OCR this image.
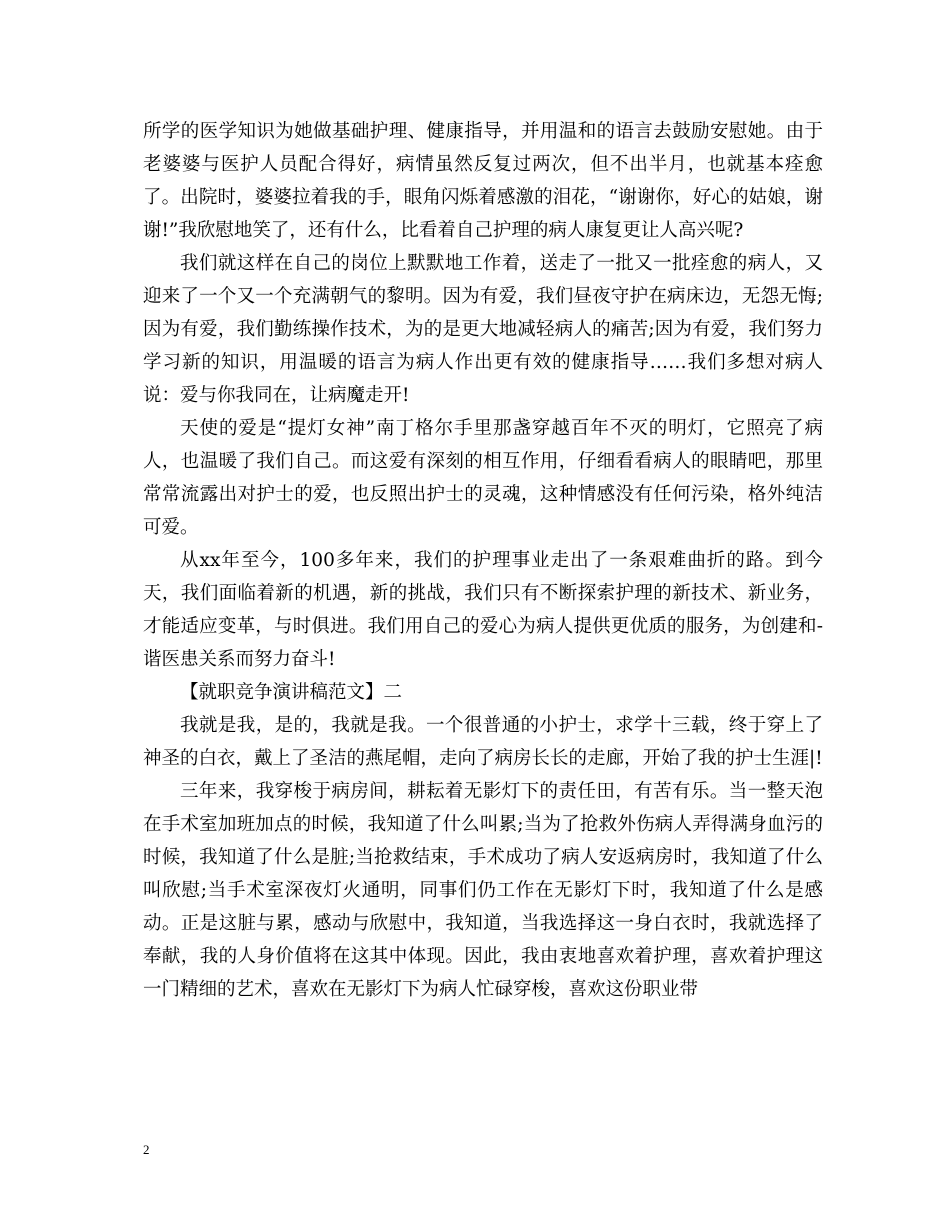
所学的医学知识为她做基础护理、健康指导，并用温和的语言去鼓励安慰她。由于老婆婆与医护人员配合得好，病情虽然反复过两次，但不出半月，也就基本痊愈了。出院时，婆婆拉着我的手，眼角闪烁着感激的泪花，“谢谢你，好心的姑娘，谢谢!”我欣慰地笑了，还有什么，比看着自己护理的病人康复更让人高兴呢?

我们就这样在自己的岗位上默默地工作着，送走了一批又一批痊愈的病人，又迎来了一个又一个充满朝气的黎明。因为有爱，我们昼夜守护在病床边，无怨无悔;因为有爱，我们勤练操作技术，为的是更大地减轻病人的痛苦;因为有爱，我们努力学习新的知识，用温暖的语言为病人作出更有效的健康指导……我们多想对病人说：爱与你我同在，让病魔走开!

天使的爱是“提灯女神”南丁格尔手里那盏穿越百年不灭的明灯，它照亮了病人，也温暖了我们自己。而这爱有深刻的相互作用，仔细看看病人的眼睛吧，那里常常流露出对护士的爱，也反照出护士的灵魂，这种情感没有任何污染，格外纯洁可爱。

从xx年至今，100多年来，我们的护理事业走出了一条艰难曲折的路。到今天，我们面临着新的机遇，新的挑战，我们只有不断探索护理的新技术、新业务，才能适应变革，与时俱进。我们用自己的爱心为病人提供更优质的服务，为创建和-谐医患关系而努力奋斗!

【就职竞争演讲稿范文】二

我就是我，是的，我就是我。一个很普通的小护士，求学十三载，终于穿上了神圣的白衣，戴上了圣洁的燕尾帽，走向了病房长长的走廊，开始了我的护士生涯|!

三年来，我穿梭于病房间，耕耘着无影灯下的责任田，有苦有乐。当一整天泡在手术室加班加点的时候，我知道了什么叫累;当为了抢救外伤病人弄得满身血污的时候，我知道了什么是脏;当抢救结束，手术成功了病人安返病房时，我知道了什么叫欣慰;当手术室深夜灯火通明，同事们仍工作在无影灯下时，我知道了什么是感动。正是这脏与累，感动与欣慰中，我知道，当我选择这一身白衣时，我就选择了奉献，我的人身价值将在这其中体现。因此，我由衷地喜欢着护理，喜欢着护理这一门精细的艺术，喜欢在无影灯下为病人忙碌穿梭，喜欢这份职业带

2
